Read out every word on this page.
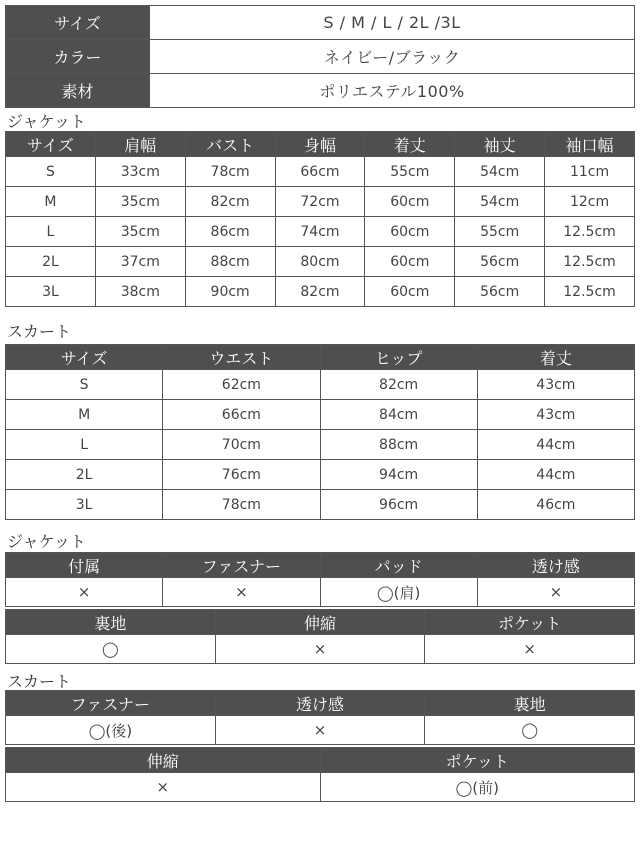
サイズ	S / M / L / 2L /3L
カラー	ネイビー/ブラック
素材	ポリエステル100%
ジャケット
サイズ	肩幅	バスト	身幅	着丈	袖丈	袖口幅
S	33cm	78cm	66cm	55cm	54cm	11cm
M	35cm	82cm	72cm	60cm	54cm	12cm
L	35cm	86cm	74cm	60cm	55cm	12.5cm
2L	37cm	88cm	80cm	60cm	56cm	12.5cm
3L	38cm	90cm	82cm	60cm	56cm	12.5cm
スカート
サイズ	ウエスト	ヒップ	着丈
S	62cm	82cm	43cm
M	66cm	84cm	43cm
L	70cm	88cm	44cm
2L	76cm	94cm	44cm
3L	78cm	96cm	46cm
ジャケット
付属	ファスナー	パッド	透け感
×	×	◯(肩)	×
裏地	伸縮	ポケット
◯	×	×
スカート
ファスナー	透け感	裏地
◯(後)	×	◯
伸縮	ポケット
×	◯(前)
